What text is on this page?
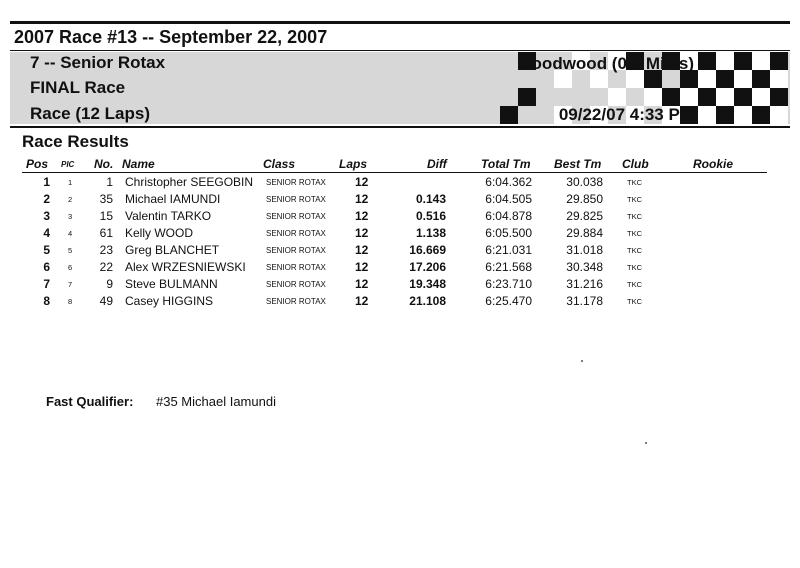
2007 Race #13 -- September 22, 2007
7 -- Senior Rotax
FINAL Race
Race (12 Laps)
Goodwood (0.5 Miles)
09/22/07 4:33 PM
Race Results
Pos PIC No. Name	Class	Laps	Diff	Total Tm Best Tm Club	Rookie
1 1	1 Christopher SEEGOBIN SENIOR ROTAX 12	6:04.362	30.038	TKC
2 2	35 Michael IAMUNDI	SENIOR ROTAX 12	0.143	6:04.505	29.850	TKC
3 3	15 Valentin TARKO	SENIOR ROTAX 12	0.516	6:04.878	29.825	TKC
4 4	61 Kelly WOOD	SENIOR ROTAX 12	1.138	6:05.500	29.884	TKC
5 5	23 Greg BLANCHET	SENIOR ROTAX 12	16.669	6:21.031	31.018	TKC
6 6	22 Alex WRZESNIEWSKI	SENIOR ROTAX 12	17.206	6:21.568	30.348	TKC
7 7	9 Steve BULMANN	SENIOR ROTAX 12	19.348	6:23.710	31.216	TKC
8 8	49 Casey HIGGINS	SENIOR ROTAX 12	21.108	6:25.470	31.178	TKC
Fast Qualifier: #35 Michael Iamundi
